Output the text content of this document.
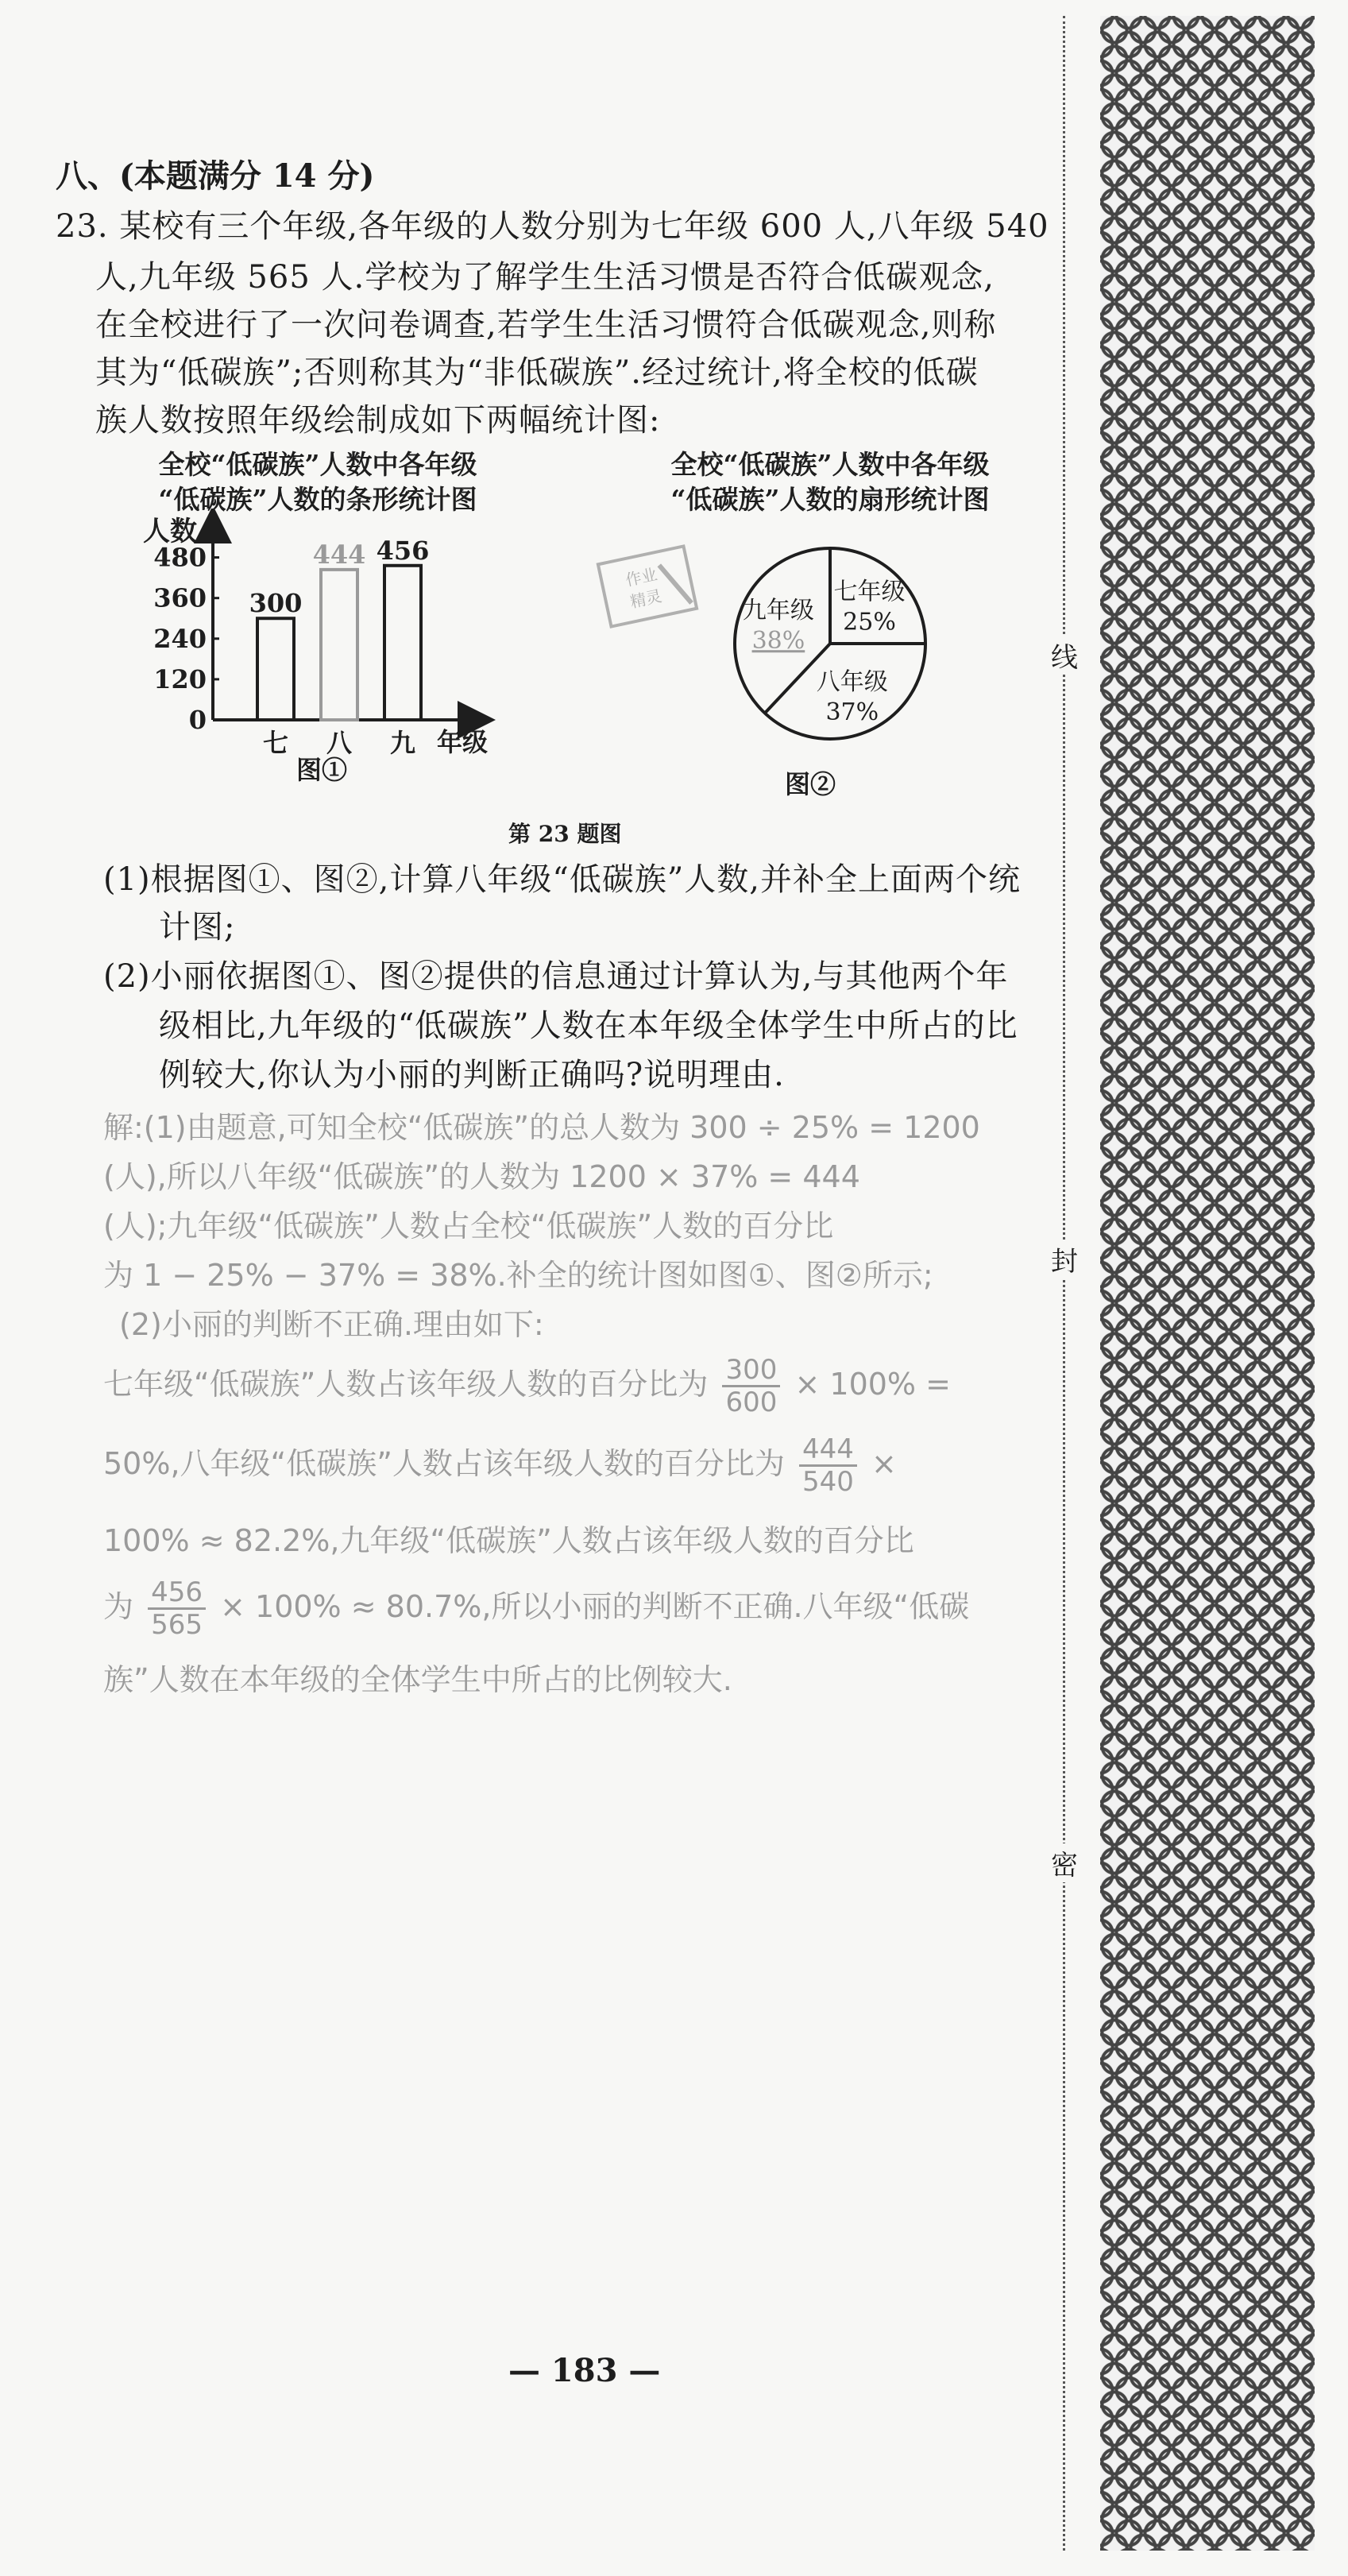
线
封
密
八、(本题满分 14 分)
23. 某校有三个年级,各年级的人数分别为七年级 600 人,八年级 540
人,九年级 565 人.学校为了解学生生活习惯是否符合低碳观念,
在全校进行了一次问卷调查,若学生生活习惯符合低碳观念,则称
其为“低碳族”;否则称其为“非低碳族”.经过统计,将全校的低碳
族人数按照年级绘制成如下两幅统计图:
全校“低碳族”人数中各年级
“低碳族”人数的条形统计图
全校“低碳族”人数中各年级
“低碳族”人数的扇形统计图
人数
年级
0
120
240
360
480
300
七
444
八
456
九
图①
作业
精灵	七年级
25%
八年级
37%
九年级
38%
图②
第 23 题图
(1)根据图①、图②,计算八年级“低碳族”人数,并补全上面两个统
计图;
(2)小丽依据图①、图②提供的信息通过计算认为,与其他两个年
级相比,九年级的“低碳族”人数在本年级全体学生中所占的比
例较大,你认为小丽的判断正确吗?说明理由.
解:(1)由题意,可知全校“低碳族”的总人数为 300 ÷ 25% = 1200
(人),所以八年级“低碳族”的人数为 1200 × 37% = 444
(人);九年级“低碳族”人数占全校“低碳族”人数的百分比
为 1 − 25% − 37% = 38%.补全的统计图如图①、图②所示;
(2)小丽的判断不正确.理由如下:
七年级“低碳族”人数占该年级人数的百分比为 $\frac{300}{600} \times 100\%$ =
50%,八年级“低碳族”人数占该年级人数的百分比为 $\frac{444}{540}$ ×
100% ≈ 82.2%,九年级“低碳族”人数占该年级人数的百分比
为 $\frac{456}{565} \times 100\% \approx 80.7\%$,所以小丽的判断不正确.八年级“低碳
族”人数在本年级的全体学生中所占的比例较大.
— 183 —
